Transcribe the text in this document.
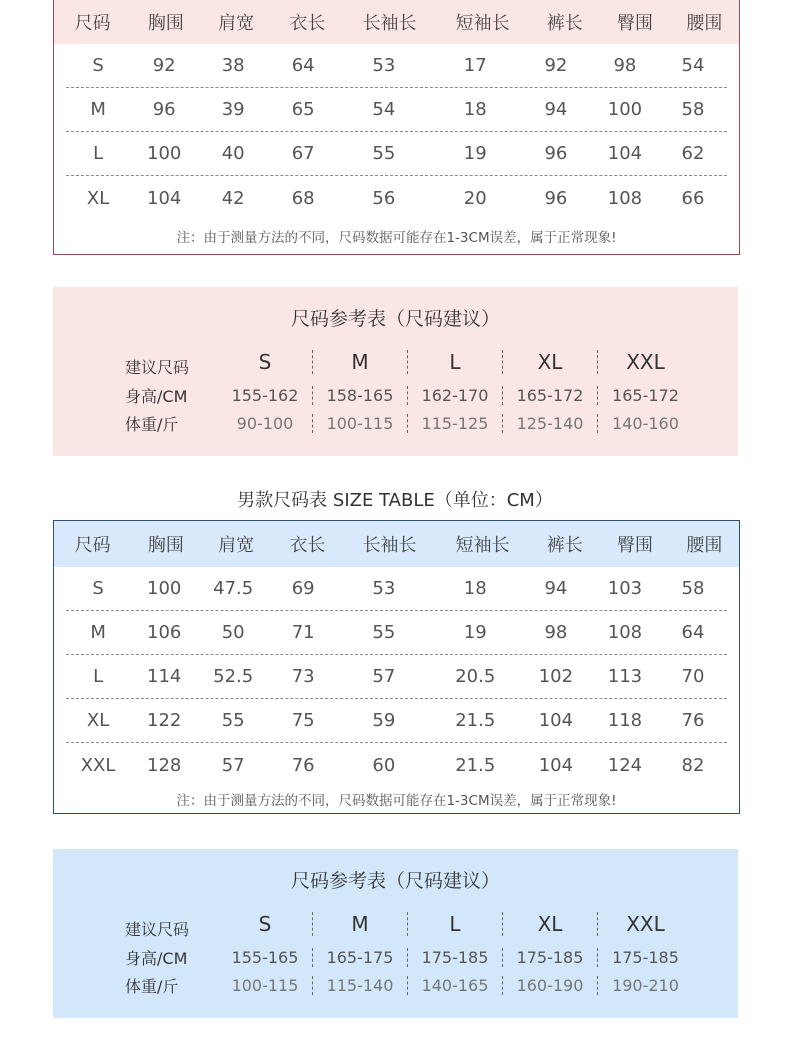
尺码	胸围	肩宽	衣长	长袖长	短袖长	裤长	臀围	腰围
S	92	38	64	53	17	92	98	54
M	96	39	65	54	18	94	100	58
L	100	40	67	55	19	96	104	62
XL	104	42	68	56	20	96	108	66
注：由于测量方法的不同，尺码数据可能存在1-3CM误差，属于正常现象!
尺码参考表（尺码建议）
建议尺码	S	M	L	XL	XXL
身高/CM	155-162	158-165	162-170	165-172	165-172
体重/斤	90-100	100-115	115-125	125-140	140-160
男款尺码表 SIZE TABLE（单位：CM）
尺码	胸围	肩宽	衣长	长袖长	短袖长	裤长	臀围	腰围
S	100	47.5	69	53	18	94	103	58
M	106	50	71	55	19	98	108	64
L	114	52.5	73	57	20.5	102	113	70
XL	122	55	75	59	21.5	104	118	76
XXL	128	57	76	60	21.5	104	124	82
注：由于测量方法的不同，尺码数据可能存在1-3CM误差，属于正常现象!
尺码参考表（尺码建议）
建议尺码	S	M	L	XL	XXL
身高/CM	155-165	165-175	175-185	175-185	175-185
体重/斤	100-115	115-140	140-165	160-190	190-210
